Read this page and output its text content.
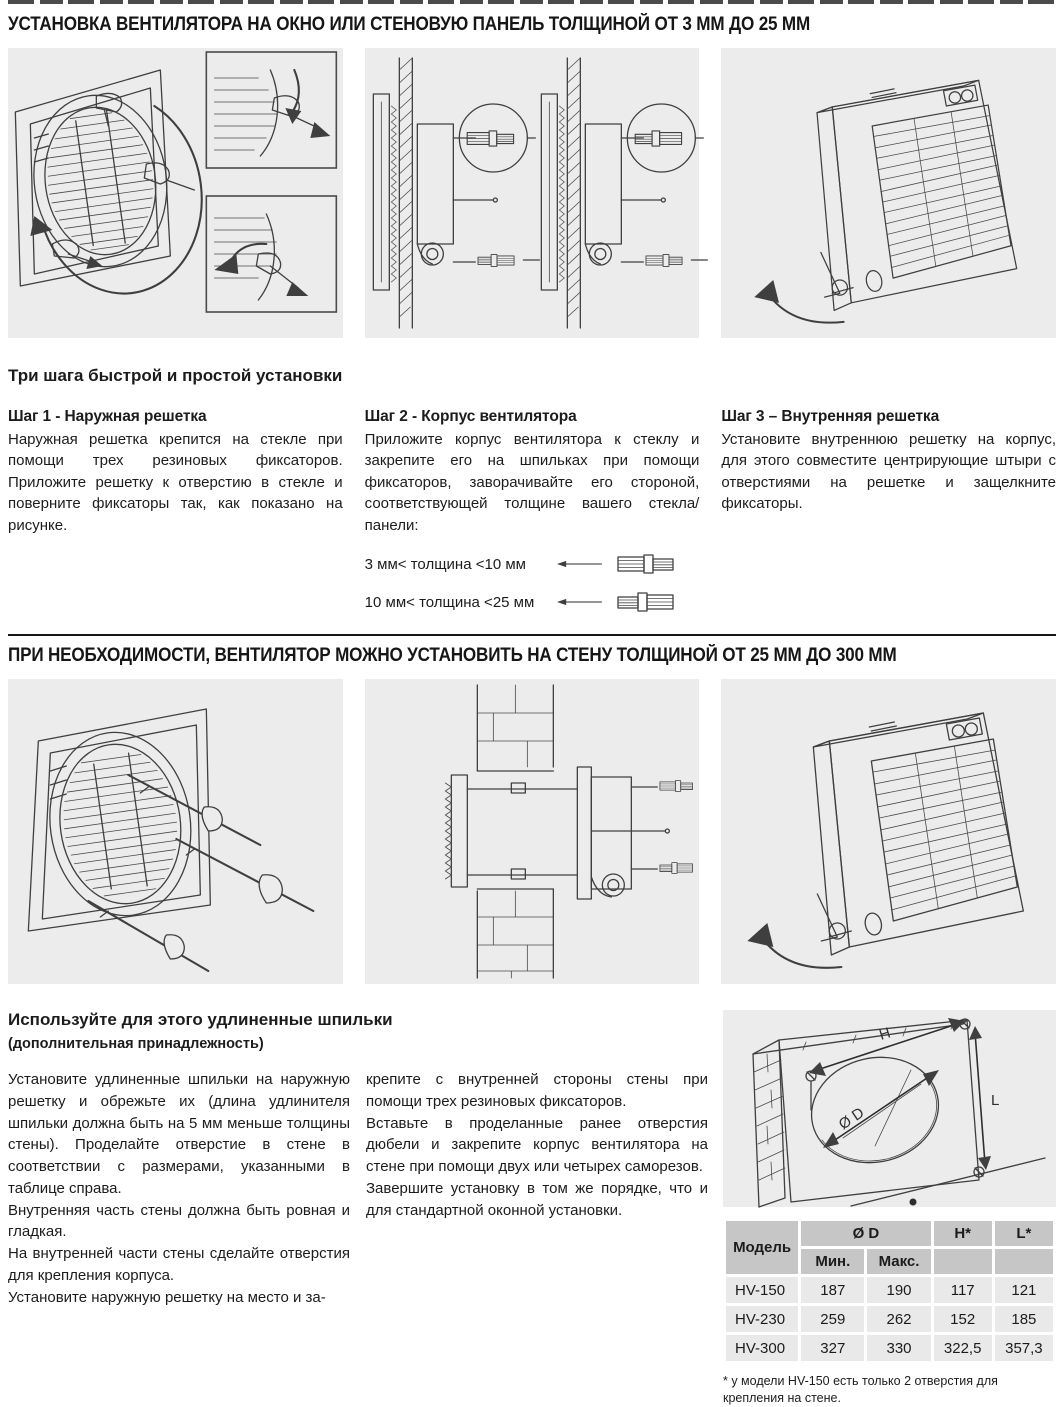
УСТАНОВКА ВЕНТИЛЯТОРА НА ОКНО ИЛИ СТЕНОВУЮ ПАНЕЛЬ ТОЛЩИНОЙ ОТ 3 ММ ДО 25 ММ
Три шага быстрой и простой установки
Шаг 1 - Наружная решетка

Наружная решетка крепится на стекле при помощи трех резиновых фиксаторов. Приложите решетку к отверстию в стекле и поверните фиксаторы так, как показано на рисунке.

Шаг 2 - Корпус вентилятора

Приложите корпус вентилятора к стеклу и закрепите его на шпильках при помощи фиксаторов, заворачивайте его стороной, соответствующей толщине вашего стекла/панели:

3 мм< толщина <10 мм
10 мм< толщина <25 мм
Шаг 3 – Внутренняя решетка

Установите внутреннюю решетку на корпус, для этого совместите центрирующие штыри с отверстиями на решетке и защелкните фиксаторы.

ПРИ НЕОБХОДИМОСТИ, ВЕНТИЛЯТОР МОЖНО УСТАНОВИТЬ НА СТЕНУ ТОЛЩИНОЙ ОТ 25 ММ ДО 300 ММ
Используйте для этого удлиненные шпильки
(дополнительная принадлежность)

Установите удлиненные шпильки на наружную решетку и обрежьте их (длина удлинителя шпильки должна быть на 5 мм меньше толщины стены). Проделайте отверстие в стене в соответствии с размерами, указанными в таблице справа.

Внутренняя часть стены должна быть ровная и гладкая.

На внутренней части стены сделайте отверстия для крепления корпуса.

Установите наружную решетку на место и за-

крепите с внутренней стороны стены при помощи трех резиновых фиксаторов.

Вставьте в проделанные ранее отверстия дюбели и закрепите корпус вентилятора на стене при помощи двух или четырех саморезов.

Завершите установку в том же порядке, что и для стандартной оконной установки.

H
L
Ø D
Модель	Ø D		H*	L*
	Мин.	Макс.		
HV-150	187	190	117	121
HV-230	259	262	152	185
HV-300	327	330	322,5	357,3

* у модели HV-150 есть только 2 отверстия для крепления на стене.
